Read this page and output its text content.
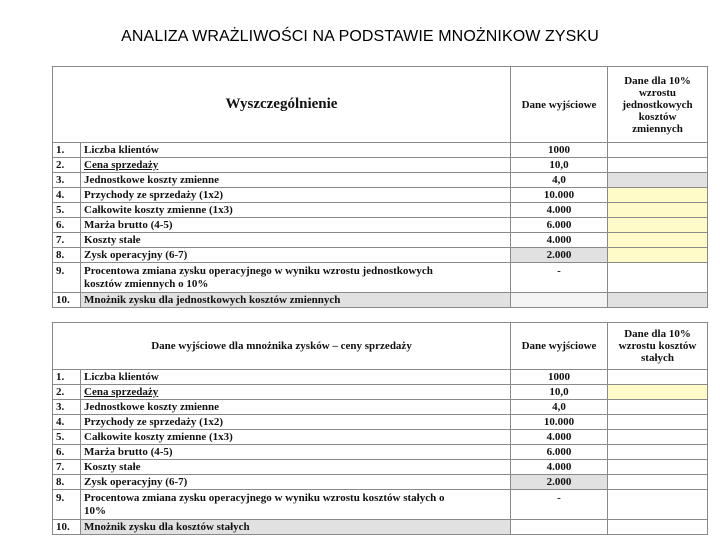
ANALIZA WRAŻLIWOŚCI NA PODSTAWIE MNOŻNIKOW ZYSKU
Wyszczególnienie		Dane wyjściowe	Dane dla 10%
wzrostu
jednostkowych
kosztów
zmiennych

1.	Liczba klientów	1000	
2.	Cena sprzedaży	10,0	
3.	Jednostkowe koszty zmienne	4,0	
4.	Przychody ze sprzedaży (1x2)	10.000	
5.	Całkowite koszty zmienne (1x3)	4.000	
6.	Marża brutto (4-5)	6.000	
7.	Koszty stałe	4.000	
8.	Zysk operacyjny (6-7)	2.000	
9.	Procentowa zmiana zysku operacyjnego w wyniku wzrostu jednostkowych
kosztów zmiennych o 10%	-	
10.	Mnożnik zysku dla jednostkowych kosztów zmiennych		
Dane wyjściowe dla mnożnika zysków – ceny sprzedaży		Dane wyjściowe	Dane dla 10%
wzrostu kosztów
stałych

1.	Liczba klientów	1000	
2.	Cena sprzedaży	10,0	
3.	Jednostkowe koszty zmienne	4,0	
4.	Przychody ze sprzedaży (1x2)	10.000	
5.	Całkowite koszty zmienne (1x3)	4.000	
6.	Marża brutto (4-5)	6.000	
7.	Koszty stałe	4.000	
8.	Zysk operacyjny (6-7)	2.000	
9.	Procentowa zmiana zysku operacyjnego w wyniku wzrostu kosztów stałych o
10%	-	
10.	Mnożnik zysku dla kosztów stałych		
